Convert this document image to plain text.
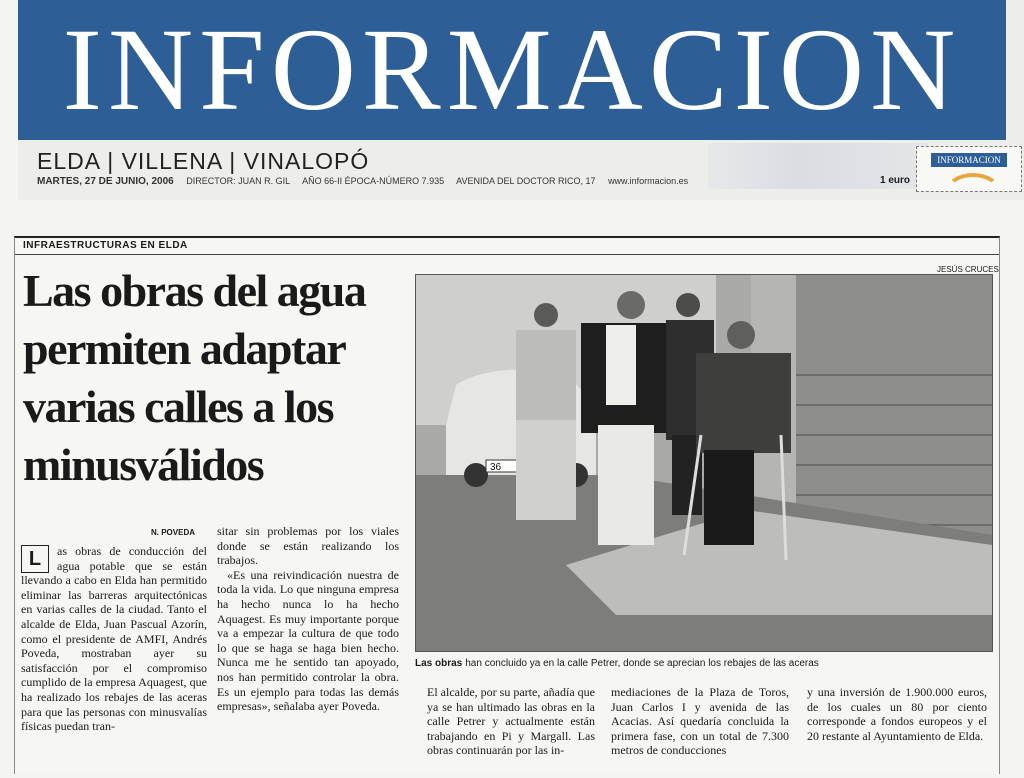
INFORMACION
ELDA | VILLENA | VINALOPÓ
MARTES, 27 DE JUNIO, 2006 DIRECTOR: JUAN R. GIL AÑO 66-II ÉPOCA-NÚMERO 7.935 AVENIDA DEL DOCTOR RICO, 17 www.informacion.es	1 euro
INFORMACION
INFRAESTRUCTURAS EN ELDA
Las obras del agua permiten adaptar varias calles a los minusválidos
N. POVEDA
L	as obras de conducción del agua potable que se están llevando a cabo en Elda han permitido eliminar las barreras arquitectónicas en varias calles de la ciudad. Tanto el alcalde de Elda, Juan Pascual Azorín, como el presidente de AMFI, Andrés Poveda, mostraban ayer su satisfacción por el compromiso cumplido de la empresa Aquagest, que ha realizado los rebajes de las aceras para que las personas con minusvalías físicas puedan tran-

sitar sin problemas por los viales donde se están realizando los trabajos.

«Es una reivindicación nuestra de toda la vida. Lo que ninguna empresa ha hecho nunca lo ha hecho Aquagest. Es muy importante porque va a empezar la cultura de que todo lo que se haga se haga bien hecho. Nunca me he sentido tan apoyado, nos han permitido controlar la obra. Es un ejemplo para todas las demás empresas», señalaba ayer Poveda.

JESÚS CRUCES
36
Las obras han concluido ya en la calle Petrer, donde se aprecian los rebajes de las aceras

El alcalde, por su parte, añadía que ya se han ultimado las obras en la calle Petrer y actualmente están trabajando en Pi y Margall. Las obras continuarán por las in-

mediaciones de la Plaza de Toros, Juan Carlos I y avenida de las Acacias. Así quedaría concluida la primera fase, con un total de 7.300 metros de conducciones

y una inversión de 1.900.000 euros, de los cuales un 80 por ciento corresponde a fondos europeos y el 20 restante al Ayuntamiento de Elda.
